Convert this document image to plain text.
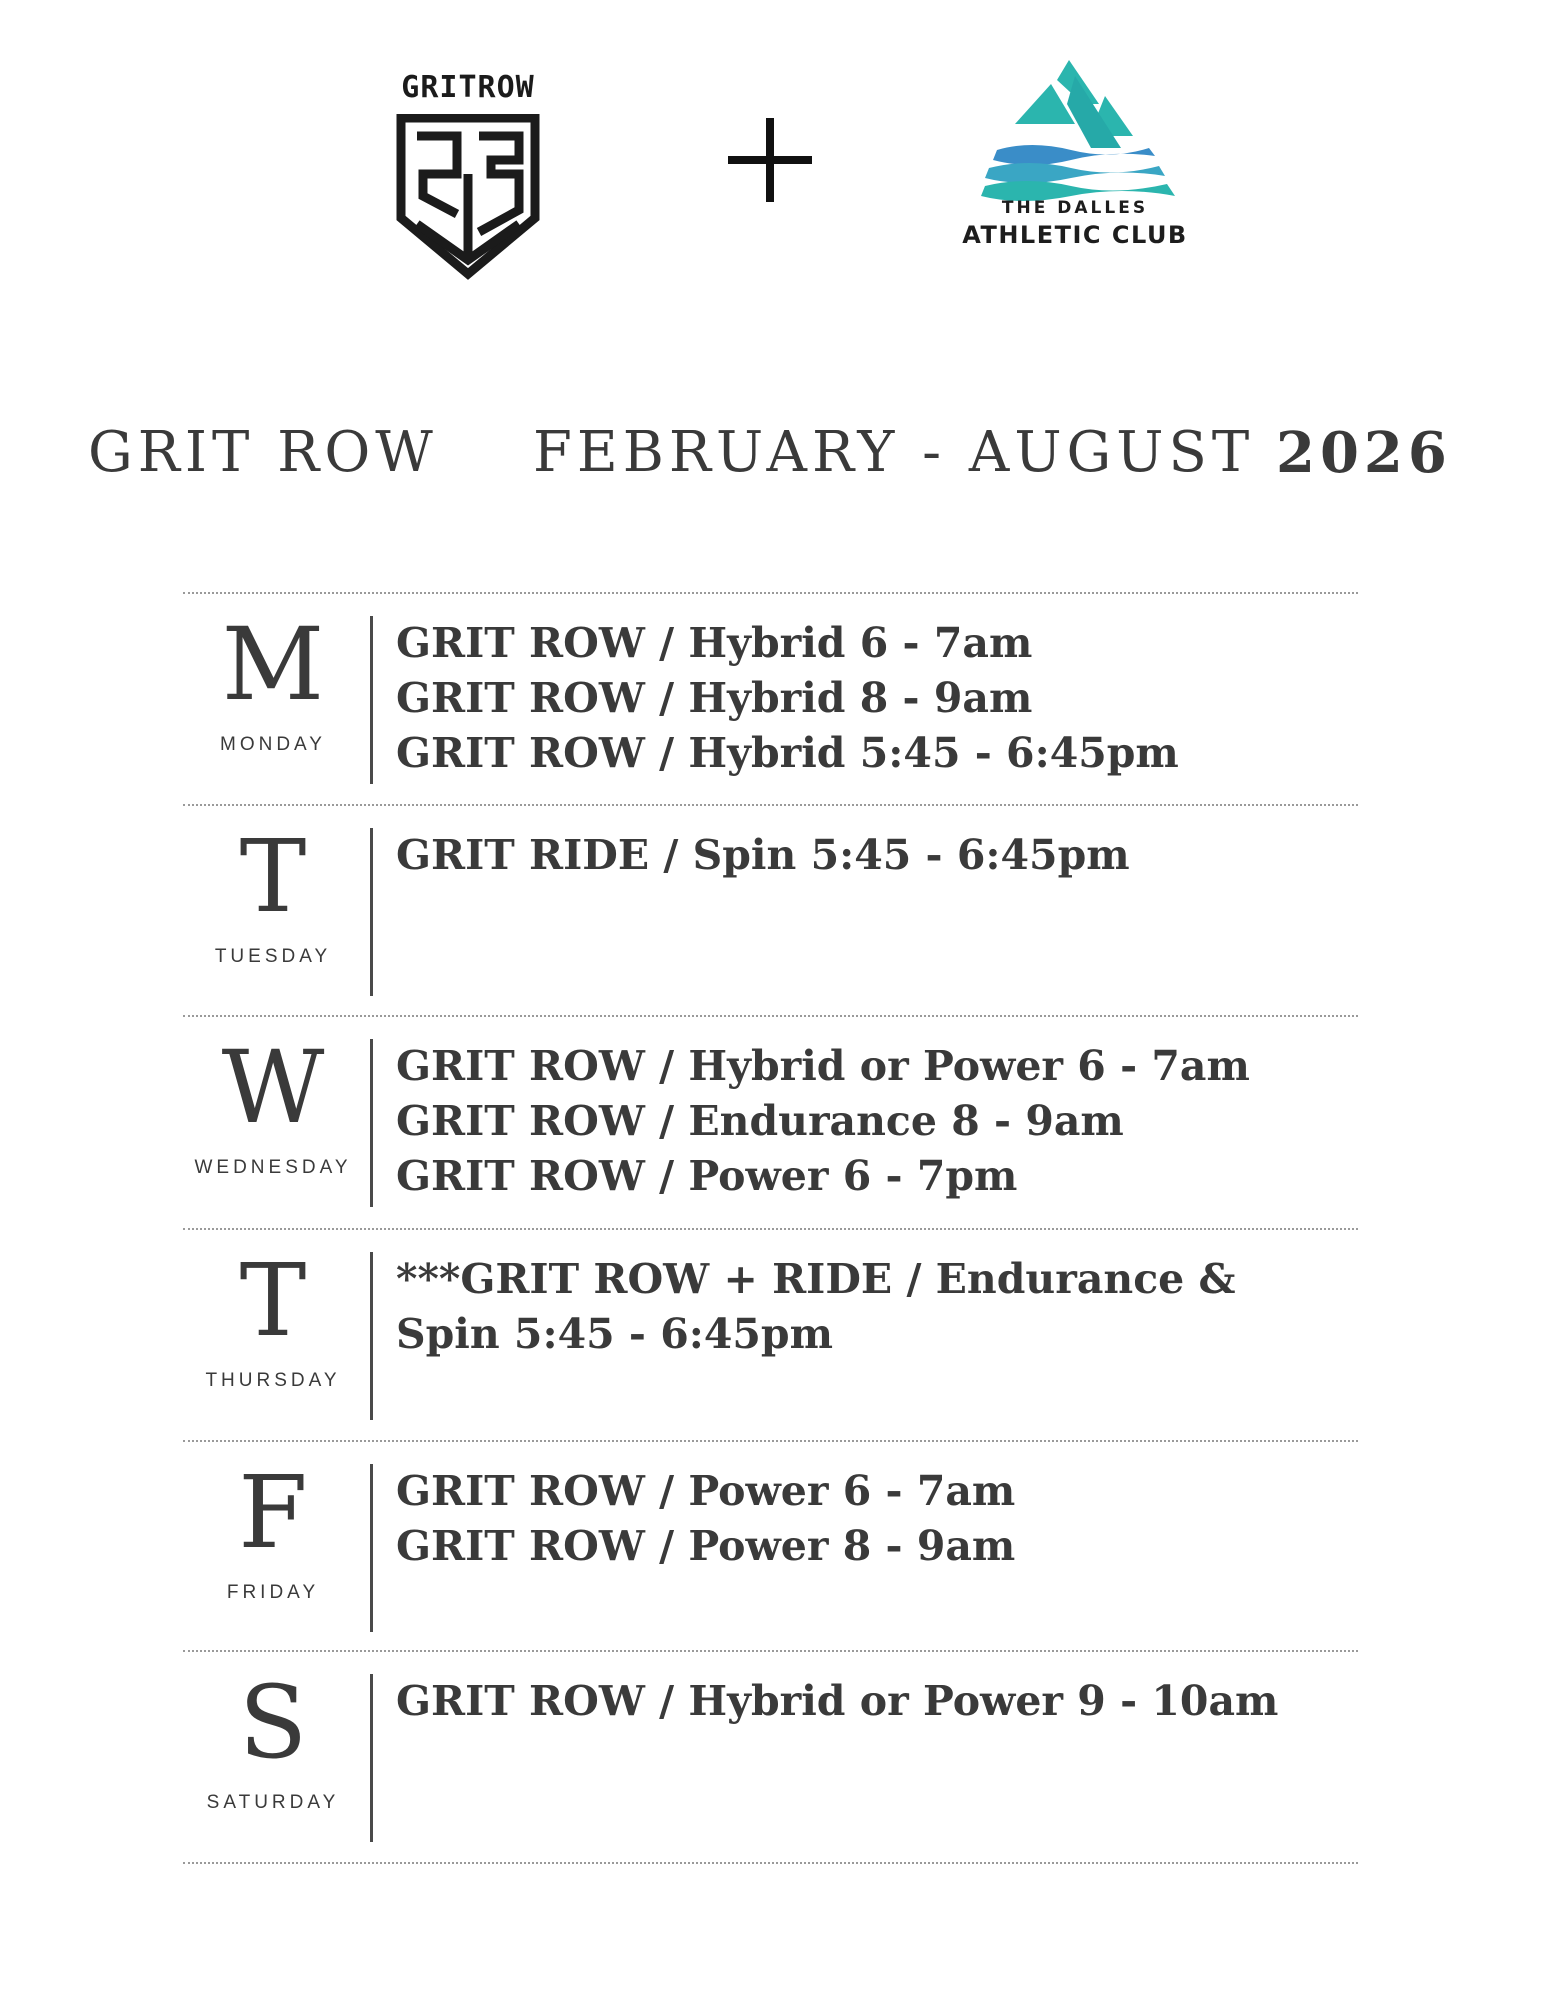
GRITROW
THE DALLES
ATHLETIC CLUB
GRIT ROW FEBRUARY - AUGUST 2026
M
MONDAY
GRIT ROW / Hybrid 6 - 7am
GRIT ROW / Hybrid 8 - 9am
GRIT ROW / Hybrid 5:45 - 6:45pm
T
TUESDAY
GRIT RIDE / Spin 5:45 - 6:45pm
W
WEDNESDAY
GRIT ROW / Hybrid or Power 6 - 7am
GRIT ROW / Endurance 8 - 9am
GRIT ROW / Power 6 - 7pm
T
THURSDAY
***GRIT ROW + RIDE / Endurance &
Spin 5:45 - 6:45pm
F
FRIDAY
GRIT ROW / Power 6 - 7am
GRIT ROW / Power 8 - 9am
S
SATURDAY
GRIT ROW / Hybrid or Power 9 - 10am
